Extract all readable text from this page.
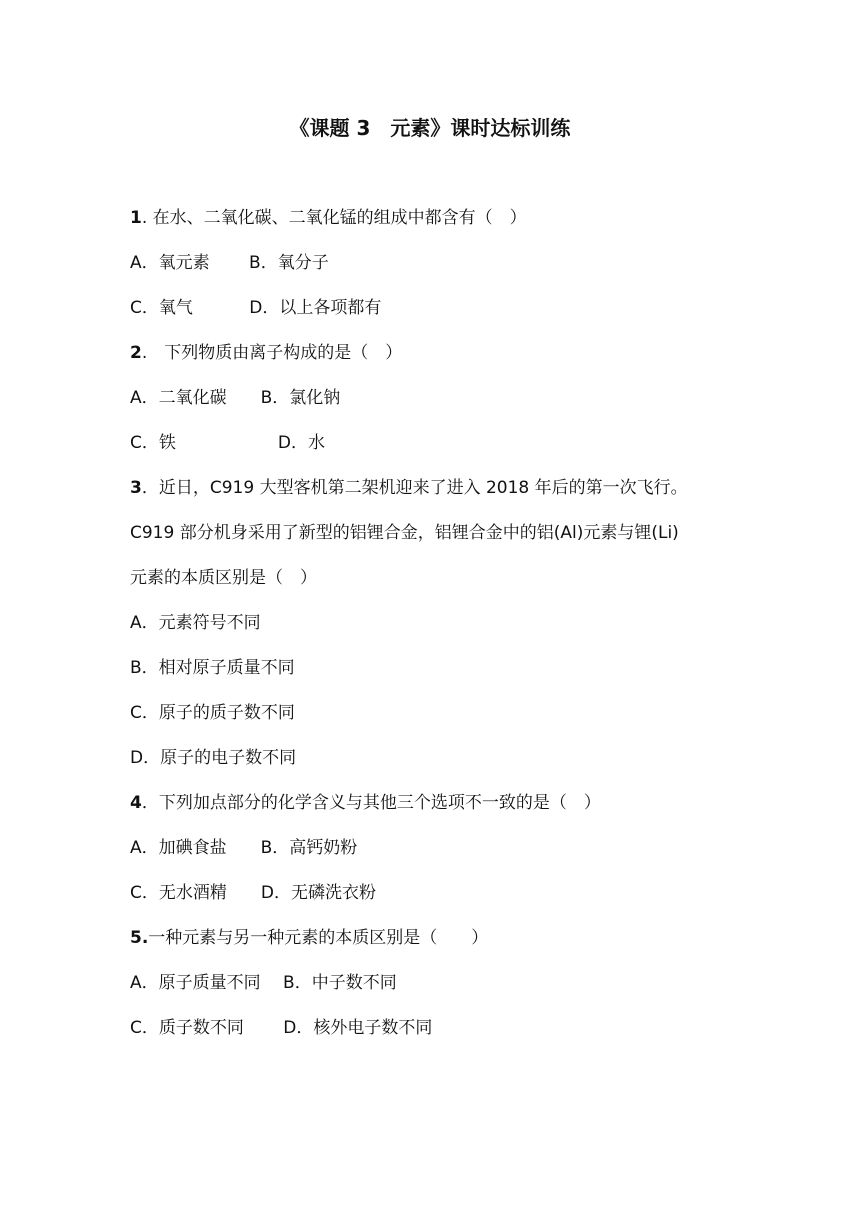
《课题 3　元素》课时达标训练
1. 在水、二氧化碳、二氧化锰的组成中都含有（　）
A．氧元素　　 B．氧分子
C．氧气　　　 D．以上各项都有
2.　下列物质由离子构成的是（　）
A．二氧化碳　　B．氯化钠
C．铁　　　　　　D．水
3．近日，C919 大型客机第二架机迎来了进入 2018 年后的第一次飞行。
C919 部分机身采用了新型的铝锂合金，铝锂合金中的铝(Al)元素与锂(Li)
元素的本质区别是（　）
A．元素符号不同
B．相对原子质量不同
C．原子的质子数不同
D．原子的电子数不同
4．下列加点部分的化学含义与其他三个选项不一致的是（　）
A．加碘食盐　　B．高钙奶粉
C．无水酒精　　D．无磷洗衣粉
5.一种元素与另一种元素的本质区别是（　　）
A．原子质量不同　 B．中子数不同
C．质子数不同　　 D．核外电子数不同
